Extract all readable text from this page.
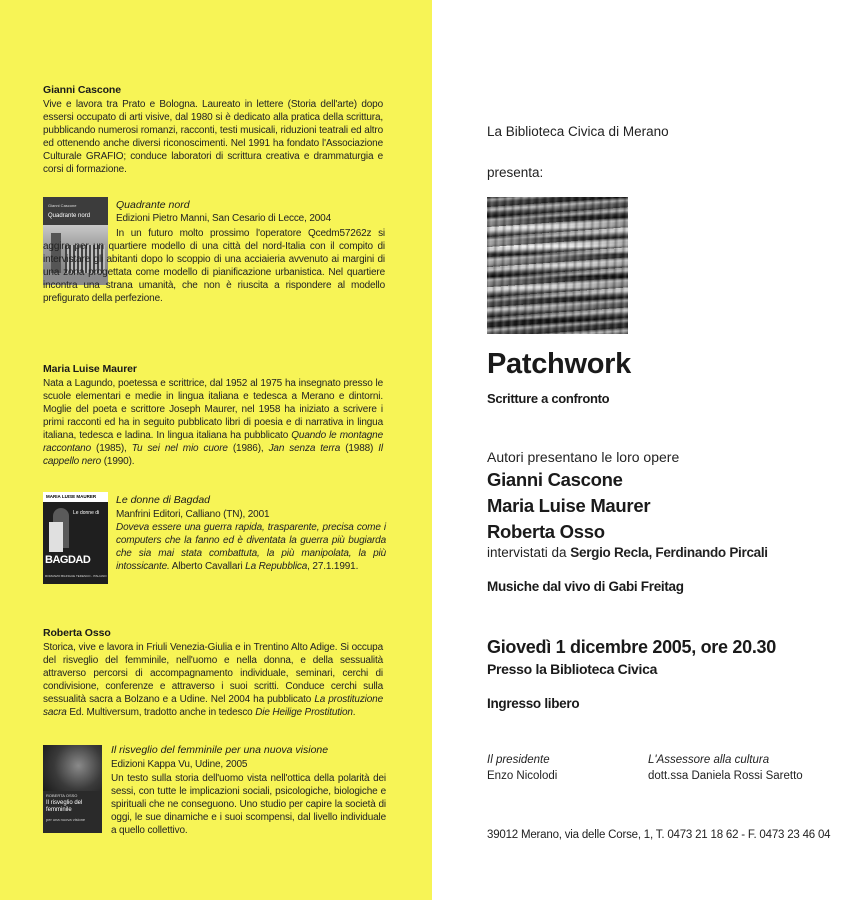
Gianni Cascone
Vive e lavora tra Prato e Bologna. Laureato in lettere (Storia dell'arte) dopo essersi occupato di arti visive, dal 1980 si è dedicato alla pratica della scrittura, pubblicando numerosi romanzi, racconti, testi musicali, riduzioni teatrali ed altro ed ottenendo anche diversi riconoscimenti. Nel 1991 ha fondato l'Associazione Culturale GRAFIO; conduce laboratori di scrittura creativa e drammaturgia e corsi di formazione.
Gianni Cascone
Quadrante nord
Quadrante nord
Edizioni Pietro Manni, San Cesario di Lecce, 2004
In un futuro molto prossimo l'operatore Qcedm57262z si aggira per un quartiere modello di una città del nord-Italia con il compito di intervistare gli abitanti dopo lo scoppio di una acciaieria avvenuto ai margini di una zona progettata come modello di pianificazione urbanistica. Nel quartiere incontra una strana umanità, che non è riuscita a rispondere al modello prefigurato della perfezione.
Maria Luise Maurer
Nata a Lagundo, poetessa e scrittrice, dal 1952 al 1975 ha insegnato presso le scuole elementari e medie in lingua italiana e tedesca a Merano e dintorni. Moglie del poeta e scrittore Joseph Maurer, nel 1958 ha iniziato a scrivere i primi racconti ed ha in seguito pubblicato libri di poesia e di narrativa in lingua italiana, tedesca e ladina. In lingua italiana ha pubblicato Quando le montagne raccontano (1985), Tu sei nel mio cuore (1986), Jan senza terra (1988) Il cappello nero (1990).
MARIA LUISE MAURER
Le donne di
BAGDAD
ROMANZO BILINGUE TEDESCO - ITALIANO
Le donne di Bagdad
Manfrini Editori, Calliano (TN), 2001
Doveva essere una guerra rapida, trasparente, precisa come i computers che la fanno ed è diventata la guerra più bugiarda che sia mai stata combattuta, la più manipolata, la più intossicante. Alberto Cavallari La Repubblica, 27.1.1991.
Roberta Osso
Storica, vive e lavora in Friuli Venezia-Giulia e in Trentino Alto Adige. Si occupa del risveglio del femminile, nell'uomo e nella donna, e della sessualità attraverso percorsi di accompagnamento individuale, seminari, cerchi di condivisione, conferenze e attraverso i suoi scritti. Conduce cerchi sulla sessualità sacra a Bolzano e a Udine. Nel 2004 ha pubblicato La prostituzione sacra Ed. Multiversum, tradotto anche in tedesco Die Heilige Prostitution.
ROBERTA OSSO
Il risveglio del femminile
per una nuova visione
Il risveglio del femminile per una nuova visione
Edizioni Kappa Vu, Udine, 2005
Un testo sulla storia dell'uomo vista nell'ottica della polarità dei sessi, con tutte le implicazioni sociali, psicologiche, biologiche e spirituali che ne conseguono. Uno studio per capire la società di oggi, le sue dinamiche e i suoi scompensi, dal livello individuale a quello collettivo.
La Biblioteca Civica di Merano
presenta:
Patchwork
Scritture a confronto
Autori presentano le loro opere
Gianni Cascone
Maria Luise Maurer
Roberta Osso
intervistati da Sergio Recla, Ferdinando Pircali
Musiche dal vivo di Gabi Freitag
Giovedì 1 dicembre 2005, ore 20.30
Presso la Biblioteca Civica
Ingresso libero
Il presidente
Enzo Nicolodi
L'Assessore alla cultura
dott.ssa Daniela Rossi Saretto
39012 Merano, via delle Corse, 1, T. 0473 21 18 62 - F. 0473 23 46 04
